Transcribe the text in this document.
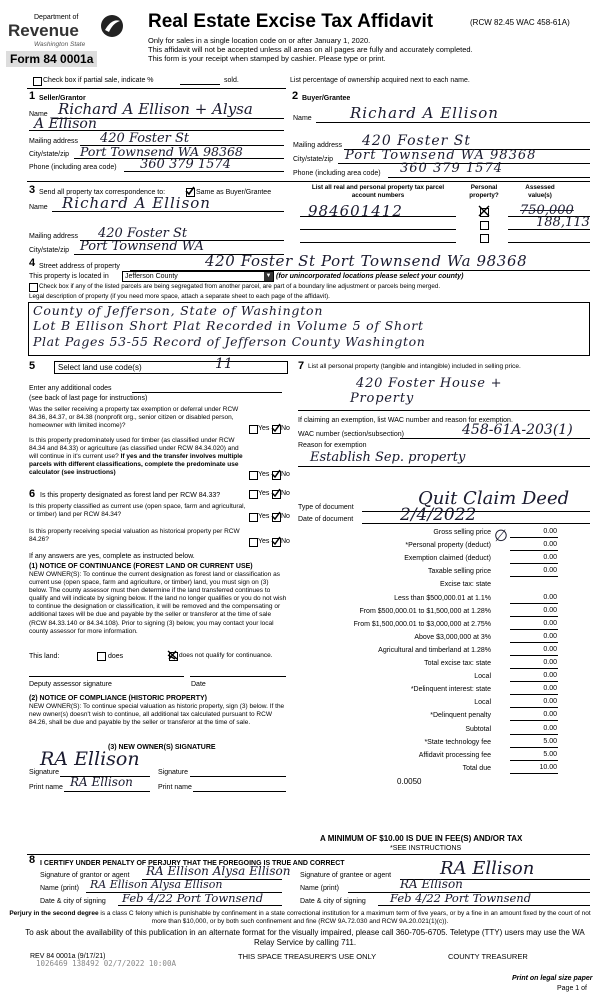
Department of
Revenue
Washington State
Form 84 0001a
Real Estate Excise Tax Affidavit	(RCW 82.45 WAC 458-61A)
Only for sales in a single location code on or after January 1, 2020.
This affidavit will not be accepted unless all areas on all pages are fully and accurately completed.
This form is your receipt when stamped by cashier. Please type or print.
Check box if partial sale, indicate %	sold.	List percentage of ownership acquired next to each name.
1 Seller/Grantor
Name Richard A Ellison + Alysa
A Ellison
Mailing address 420 Foster St
City/state/zip Port Townsend WA 98368
Phone (including area code) 360 379 1574
2 Buyer/Grantee
Name	Richard A Ellison
Mailing address 420 Foster St
City/state/zip Port Townsend WA 98368
Phone (including area code) 360 379 1574
3 Send all property tax correspondence to:	Same as Buyer/Grantee
Name Richard A Ellison
Mailing address 420 Foster St
City/state/zip Port Townsend WA
List all real and personal property tax parcel account numbers
Personal property?
Assessed value(s)
984601412	750,000
188,113
4 Street address of property	420 Foster St Port Townsend Wa 98368
This property is located in Jefferson County	▼ (for unincorporated locations please select your county)
Check box if any of the listed parcels are being segregated from another parcel, are part of a boundary line adjustment or parcels being merged.
Legal description of property (if you need more space, attach a separate sheet to each page of the affidavit).
County of Jefferson, State of Washington
Lot B Ellison Short Plat Recorded in Volume 5 of Short
Plat Pages 53-55 Record of Jefferson County Washington
5	Select land use code(s)	11
Enter any additional codes
(see back of last page for instructions)
Was the seller receiving a property tax exemption or deferral under RCW 84.36, 84.37, or 84.38 (nonprofit org., senior citizen or disabled person, homeowner with limited income)?	Yes No
Is this property predominately used for timber (as classified under RCW 84.34 and 84.33) or agriculture (as classified under RCW 84.34.020) and will continue in it's current use? If yes and the transfer involves multiple parcels with different classifications, complete the predominate use calculator (see instructions)	Yes No
6 Is this property designated as forest land per RCW 84.33?	Yes No
Is this property classified as current use (open space, farm and agricultural, or timber) land per RCW 84.34?	Yes No
Is this property receiving special valuation as historical property per RCW 84.26?	Yes No
If any answers are yes, complete as instructed below.
(1) NOTICE OF CONTINUANCE (FOREST LAND OR CURRENT USE)
NEW OWNER(S): To continue the current designation as forest land or classification as current use (open space, farm and agriculture, or timber) land, you must sign on (3) below. The county assessor must then determine if the land transferred continues to qualify and will indicate by signing below. If the land no longer qualifies or you do not wish to continue the designation or classification, it will be removed and the compensating or additional taxes will be due and payable by the seller or transferor at the time of sale (RCW 84.33.140 or 84.34.108). Prior to signing (3) below, you may contact your local county assessor for more information.
This land:	does	does not qualify for continuance.
Deputy assessor signature	Date
(2) NOTICE OF COMPLIANCE (HISTORIC PROPERTY)
NEW OWNER(S): To continue special valuation as historic property, sign (3) below. If the new owner(s) doesn't wish to continue, all additional tax calculated pursuant to RCW 84.26, shall be due and payable by the seller or transferor at the time of sale.
(3) NEW OWNER(S) SIGNATURE
RA Ellison
Signature	Signature
Print name RA Ellison	Print name
7 List all personal property (tangible and intangible) included in selling price.
420 Foster House +
Property
If claiming an exemption, list WAC number and reason for exemption.
WAC number (section/subsection)	458-61A-203(1)
Reason for exemption
Establish Sep. property
Type of document	Quit Claim Deed
Date of document	2/4/2022
Gross selling price	0.00
*Personal property (deduct)	0.00
Exemption claimed (deduct)	0.00
Taxable selling price	0.00
Excise tax: state
Less than $500,000.01 at 1.1%	0.00
From $500,000.01 to $1,500,000 at 1.28%	0.00
From $1,500,000.01 to $3,000,000 at 2.75%	0.00
Above $3,000,000 at 3%	0.00
Agricultural and timberland at 1.28%	0.00
Total excise tax: state	0.00
Local	0.00
*Delinquent interest: state	0.00
Local	0.00
*Delinquent penalty	0.00
Subtotal	0.00
*State technology fee	5.00
Affidavit processing fee	5.00
Total due	10.00
∅
0.0050
A MINIMUM OF $10.00 IS DUE IN FEE(S) AND/OR TAX
*SEE INSTRUCTIONS
8 I CERTIFY UNDER PENALTY OF PERJURY THAT THE FOREGOING IS TRUE AND CORRECT
Signature of grantor or agent RA Ellison Alysa Ellison
Name (print) RA Ellison Alysa Ellison
Date & city of signing Feb 4/22 Port Townsend
Signature of grantee or agent	RA Ellison
Name (print)	RA Ellison
Date & city of signing Feb 4/22 Port Townsend
Perjury in the second degree is a class C felony which is punishable by confinement in a state correctional institution for a maximum term of five years, or by a fine in an amount fixed by the court of not more than $10,000, or by both such confinement and fine (RCW 9A.72.030 and RCW 9A.20.021(1)(c)).
To ask about the availability of this publication in an alternate format for the visually impaired, please call 360-705-6705. Teletype (TTY) users may use the WA Relay Service by calling 711.
REV 84 0001a (9/17/21)
1026469 138492 02/7/2022 10:00A
THIS SPACE TREASURER'S USE ONLY	COUNTY TREASURER
Print on legal size paper
Page 1 of
